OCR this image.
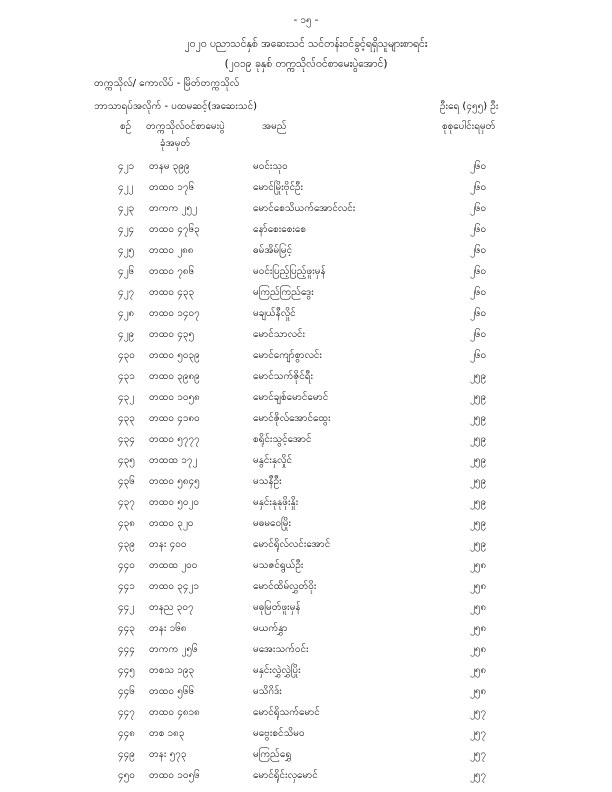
- ၁၅ -
၂၀၂၀ ပညာသင်နှစ် အဆေးသင် သင်တန်းဝင်ခွင့်ရရှိသူများစာရင်း
(၂၀၁၉ ခုနှစ် တက္ကသိုလ်ဝင်စာမေးပွဲအောင်)
တက္ကသိုလ်/ ကောလိပ် - မြိတ်တက္ကသိုလ်
ဘာသာရပ်အလိုက် - ပထမဆင့်(အဆေးသင်)	ဦးရေ (၄၅၅) ဦး
စဉ် တက္ကသိုလ်ဝင်စာမေးပွဲ
ခုံအမှတ်
အမည်	စုစုပေါင်းရမှတ်
၄၂၁ တနမ ၃၉၉	မဝင်းသု၀	၂၆၀
၄၂၂ တထ၀ ၁၇၆	မောင်မြိုးဗိုင်ဦး	၂၆၀
၄၂၃ တကက ၂၅၂	မောင်စေသိယက်အောင်လင်း	၂၆၀
၄၂၄ တထ၀ ၄၇၆၃	နော်စေးစေးစေ	၂၆၀
၄၂၅ တထ၀ ၂၈၈	ဓမ်အိမ်မြင့်	၂၆၀
၄၂၆ တထ၀ ၇၈၆	မဝင်းပြည့်ပြည့်ဖူးမှန်	၂၆၀
၄၂၇ တထ၀ ၄၃၃	မကြည်ကြည်ဒွေး	၂၆၀
၄၂၈ တထ၀ ၁၄၀၇	မချယ်နီလှိုင်	၂၆၀
၄၂၉ တထ၀ ၄၃၅	မောင်သာလင်း	၂၆၀
၄၃၀ တထ၀ ၅၀၃၉	မောင်ကျော်စွာလင်း	၂၆၀
၄၃၁ တထ၀ ၃၉၈၉	မောင်သက်ဇိုင်ရီး	၂၅၉
၄၃၂ တထ၀ ၁၀၅၈	မောင်ချစ်မောင်မောင်	၂၅၉
၄၃၃ တထ၀ ၄၁၈၀	မောင်ဇိုလ်အောင်ထွေး	၂၅၉
၄၃၄ တထ၀ ၅၇၇၇	စရိုင်းသွင့်အောင်	၂၅၉
၄၃၅ တထထ ၁၇၂	မနွင်းနှလှိုင်	၂၅၉
၄၃၆ တထ၀ ၅၈၄၅	မသနီဦး	၂၅၉
၄၃၇ တထ၀ ၅၀၂၀	မနှင်းနုနုဖိုးနှိုး	၂၅၉
၄၃၈ တထ၀ ၃၂၀	မဓမဝေမြိုး	၂၅၉
၄၃၉ တနး ၄၀၀	မောင်ရိုလ်လင်းအောင်	၂၅၉
၄၄၀ တထထ ၂၀၀	မသဇင်ရွယ်ဦး	၂၅၈
၄၄၁ တထ၀ ၃၄၂၁	မောင်ထိမ်လွှတ်ဝိုး	၂၅၈
၄၄၂ တနည ၃၀၇	မဓုမြတ်ဖူးမှန်	၂၅၈
၄၄၃ တနး ၁၆၈	မယက်နွှာ	၂၅၈
၄၄၄ တကက ၂၅၆	မအေးသက်ဝင်း	၂၅၈
၄၄၅ တစသ ၁၉၃	မနှင်းလွှဲလွှဲပြိုး	၂၅၈
၄၄၆ တထ၀ ၅၆၆	မသိဂိဒ်း	၂၅၈
၄၄၇ တထ၀ ၄၈၁၈	မောင်ရိုသက်မောင်	၂၅၇
၄၄၈ တစ ၁၈၃	မဗွေးစင်သိမ၀	၂၅၇
၄၄၉ တနး ၅၇၃	မကြည်ရွှေ	၂၅၇
၄၅၀ တထ၀ ၁၀၅၆	မောင်ရိုင်းလှမောင်	၂၅၇
